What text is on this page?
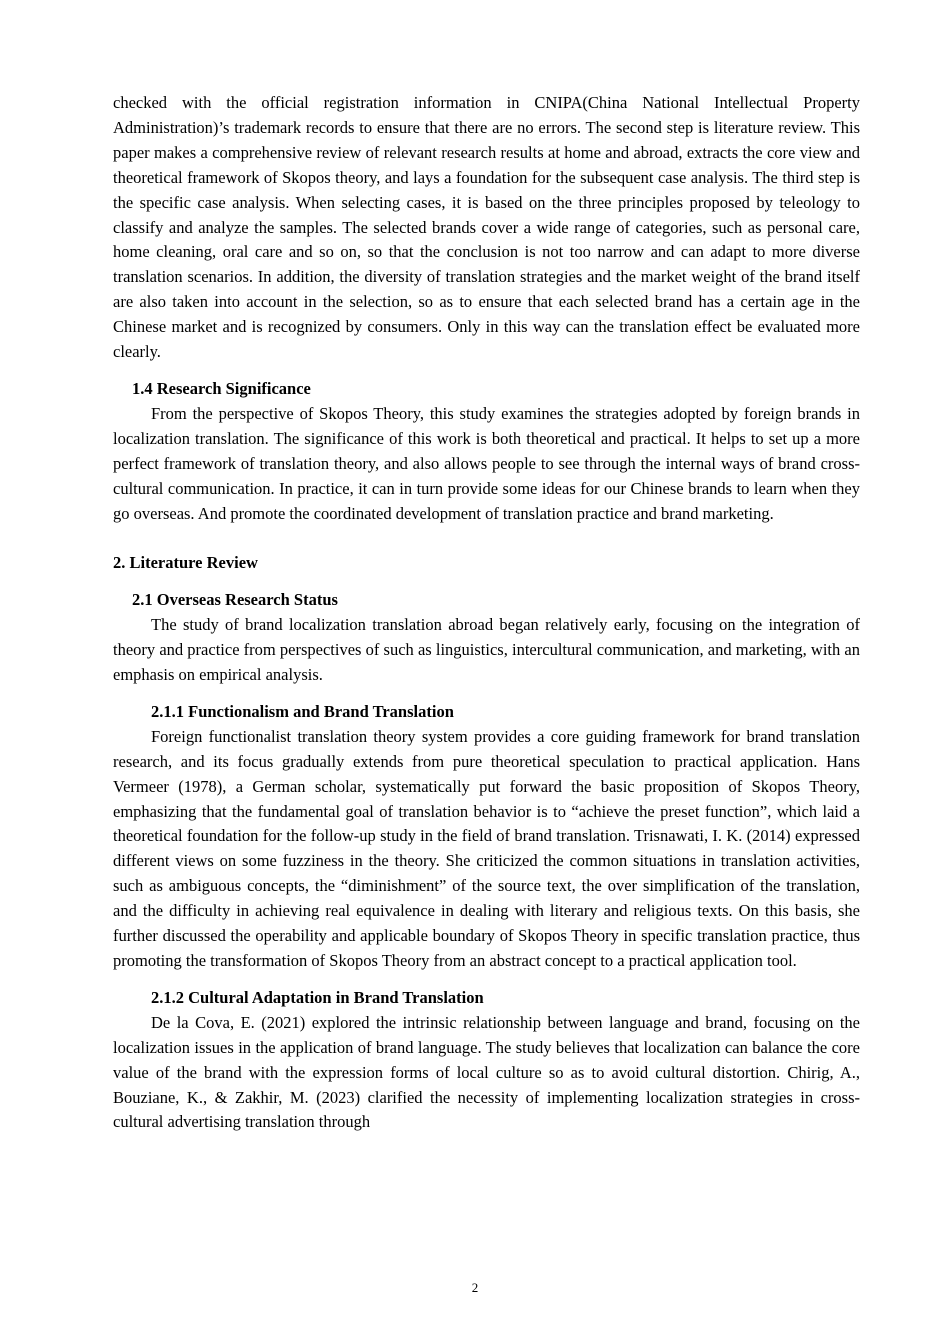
checked with the official registration information in CNIPA(China National Intellectual Property Administration)’s trademark records to ensure that there are no errors. The second step is literature review. This paper makes a comprehensive review of relevant research results at home and abroad, extracts the core view and theoretical framework of Skopos theory, and lays a foundation for the subsequent case analysis. The third step is the specific case analysis. When selecting cases, it is based on the three principles proposed by teleology to classify and analyze the samples. The selected brands cover a wide range of categories, such as personal care, home cleaning, oral care and so on, so that the conclusion is not too narrow and can adapt to more diverse translation scenarios. In addition, the diversity of translation strategies and the market weight of the brand itself are also taken into account in the selection, so as to ensure that each selected brand has a certain age in the Chinese market and is recognized by consumers. Only in this way can the translation effect be evaluated more clearly.

1.4 Research Significance

From the perspective of Skopos Theory, this study examines the strategies adopted by foreign brands in localization translation. The significance of this work is both theoretical and practical. It helps to set up a more perfect framework of translation theory, and also allows people to see through the internal ways of brand cross-cultural communication. In practice, it can in turn provide some ideas for our Chinese brands to learn when they go overseas. And promote the coordinated development of translation practice and brand marketing.

2. Literature Review
2.1 Overseas Research Status

The study of brand localization translation abroad began relatively early, focusing on the integration of theory and practice from perspectives of such as linguistics, intercultural communication, and marketing, with an emphasis on empirical analysis.

2.1.1 Functionalism and Brand Translation

Foreign functionalist translation theory system provides a core guiding framework for brand translation research, and its focus gradually extends from pure theoretical speculation to practical application. Hans Vermeer (1978), a German scholar, systematically put forward the basic proposition of Skopos Theory, emphasizing that the fundamental goal of translation behavior is to “achieve the preset function”, which laid a theoretical foundation for the follow-up study in the field of brand translation. Trisnawati, I. K. (2014) expressed different views on some fuzziness in the theory. She criticized the common situations in translation activities, such as ambiguous concepts, the “diminishment” of the source text, the over simplification of the translation, and the difficulty in achieving real equivalence in dealing with literary and religious texts. On this basis, she further discussed the operability and applicable boundary of Skopos Theory in specific translation practice, thus promoting the transformation of Skopos Theory from an abstract concept to a practical application tool.

2.1.2 Cultural Adaptation in Brand Translation

De la Cova, E. (2021) explored the intrinsic relationship between language and brand, focusing on the localization issues in the application of brand language. The study believes that localization can balance the core value of the brand with the expression forms of local culture so as to avoid cultural distortion. Chirig, A., Bouziane, K., & Zakhir, M. (2023) clarified the necessity of implementing localization strategies in cross-cultural advertising translation through

2
